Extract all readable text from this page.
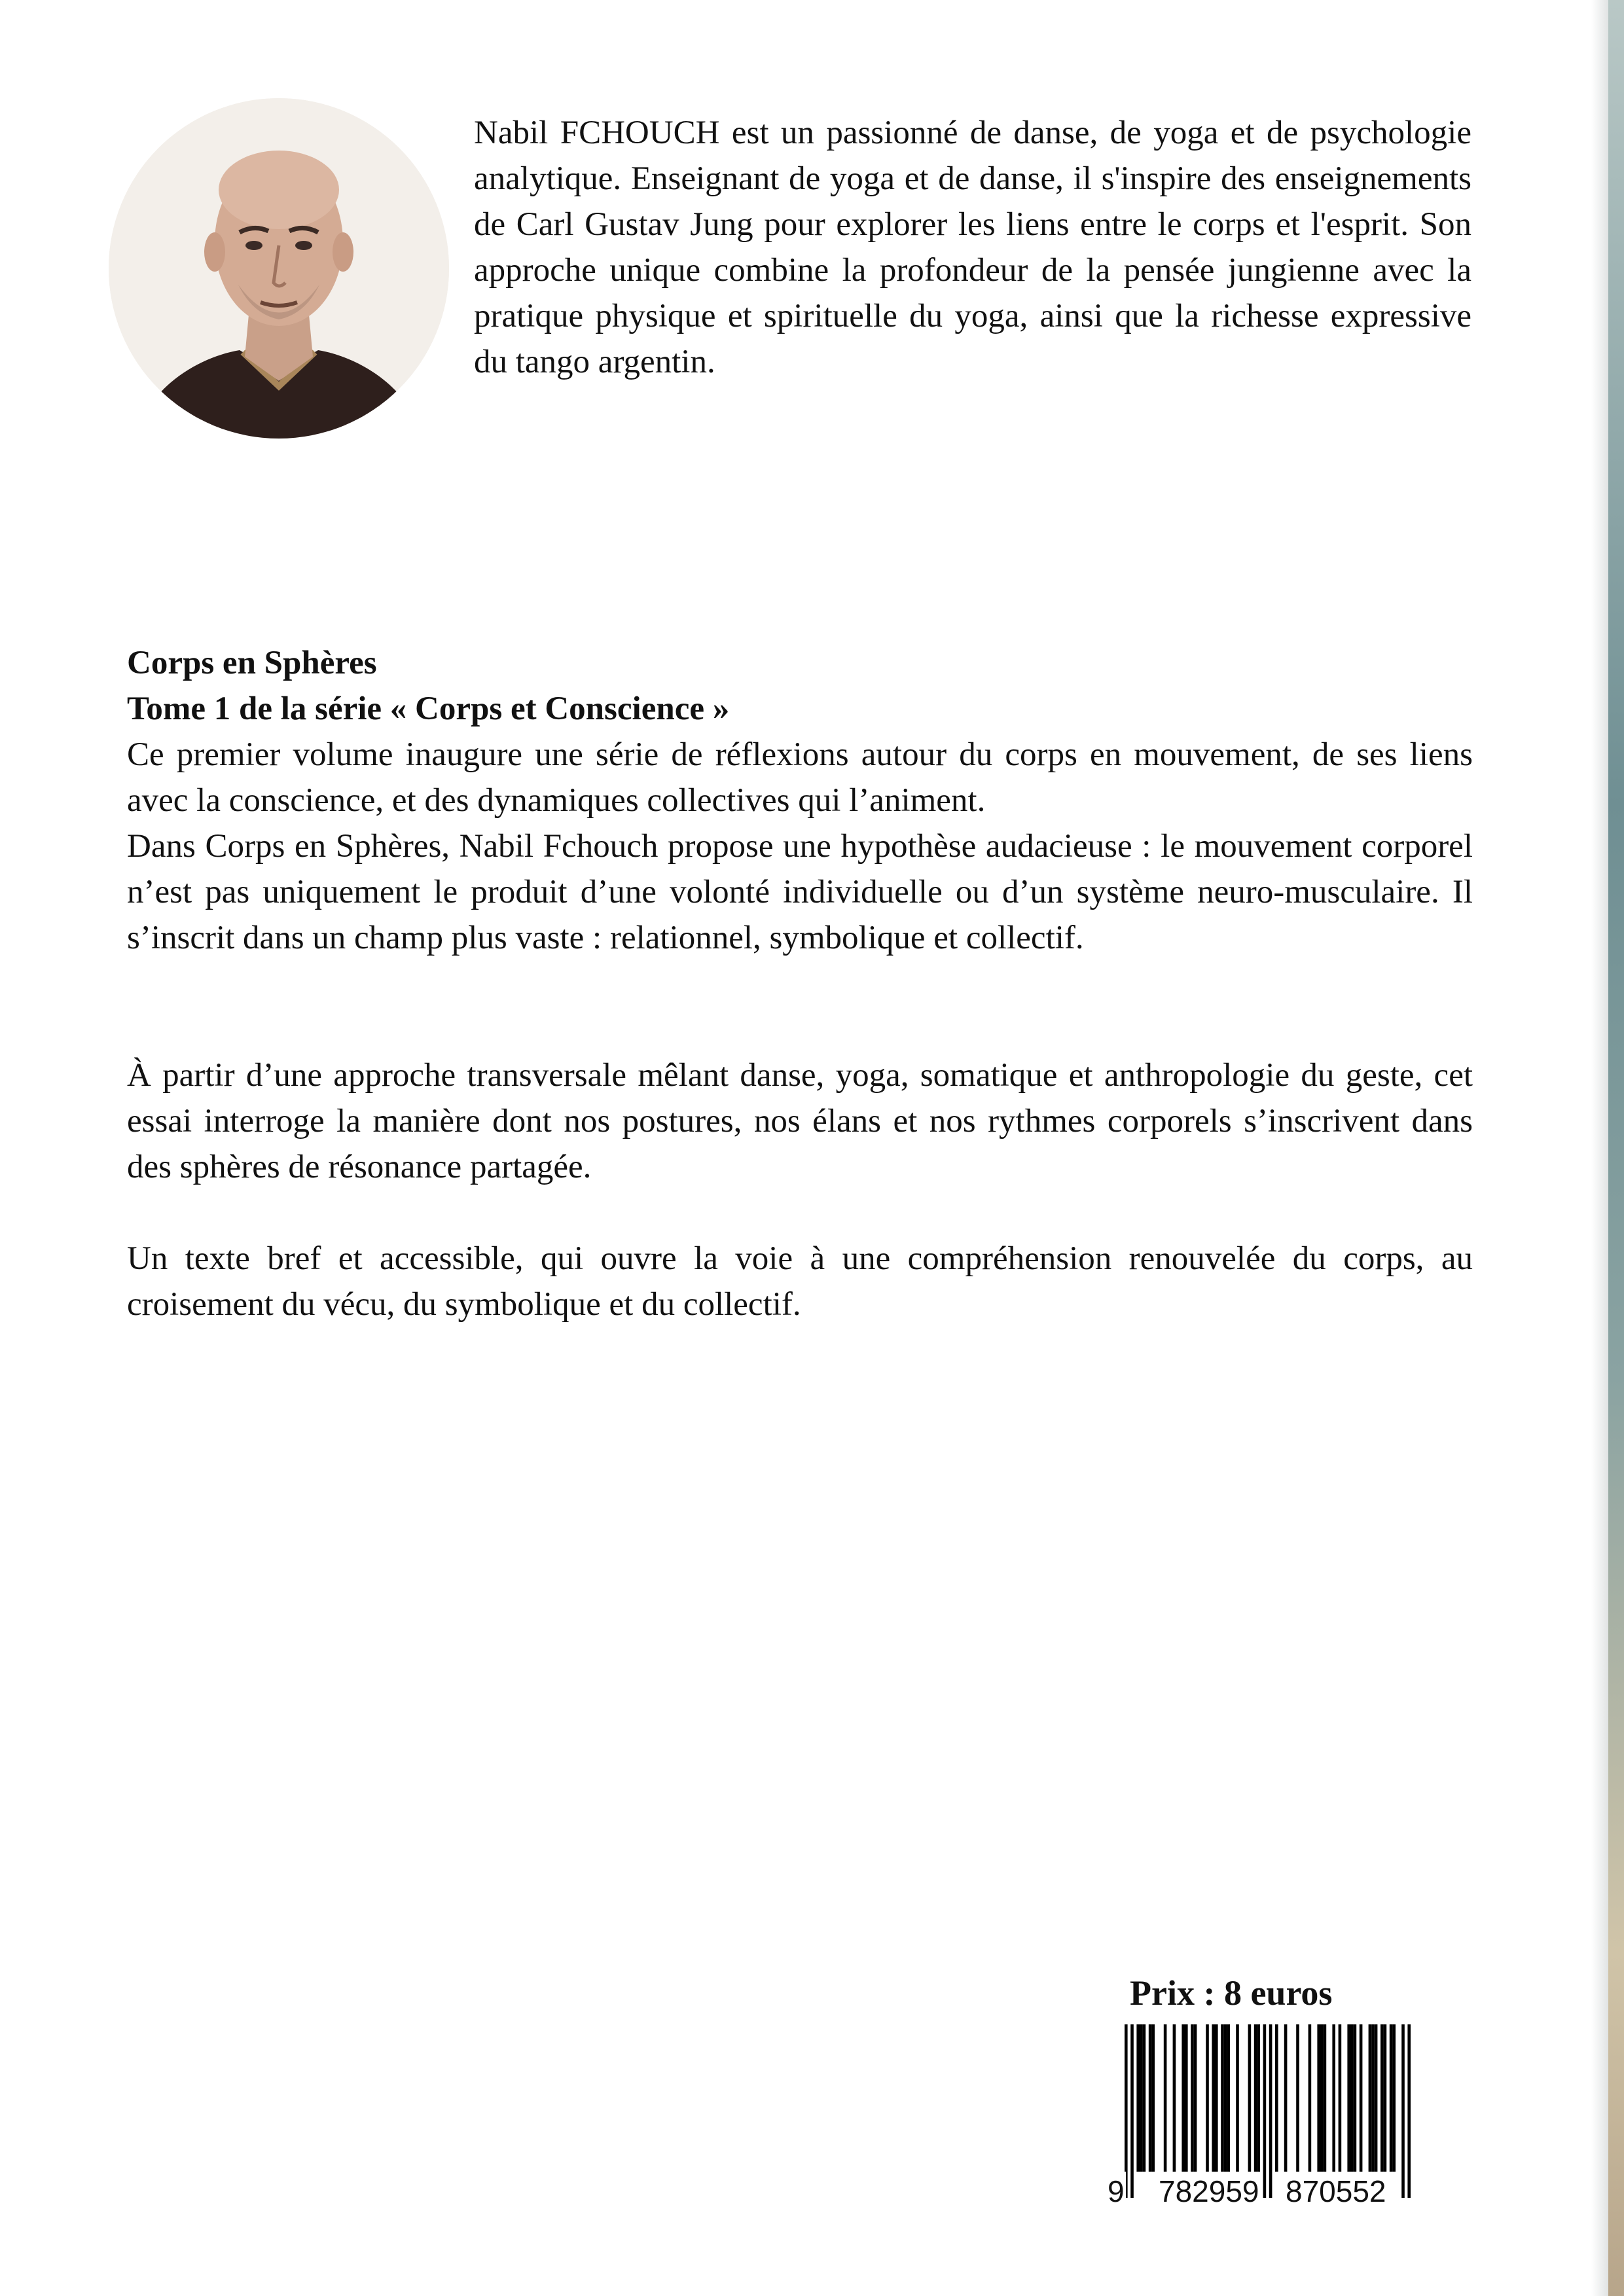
Nabil FCHOUCH est un passionné de danse, de yoga et de psychologie analytique. Enseignant de yoga et de danse, il s'inspire des enseignements de Carl Gustav Jung pour explorer les liens entre le corps et l'esprit. Son approche unique combine la profondeur de la pensée jungienne avec la pratique physique et spirituelle du yoga, ainsi que la richesse expressive du tango argentin.

Corps en Sphères

Tome 1 de la série « Corps et Conscience »

Ce premier volume inaugure une série de réflexions autour du corps en mouvement, de ses liens avec la conscience, et des dynamiques collectives qui l’animent.

Dans Corps en Sphères, Nabil Fchouch propose une hypothèse audacieuse : le mouvement corporel n’est pas uniquement le produit d’une volonté individuelle ou d’un système neuro-musculaire. Il s’inscrit dans un champ plus vaste : relationnel, symbolique et collectif.

À partir d’une approche transversale mêlant danse, yoga, somatique et anthropologie du geste, cet essai interroge la manière dont nos postures, nos élans et nos rythmes corporels s’inscrivent dans des sphères de résonance partagée.

Un texte bref et accessible, qui ouvre la voie à une compréhension renouvelée du corps, au croisement du vécu, du symbolique et du collectif.

Prix : 8 euros

9 782959 870552
